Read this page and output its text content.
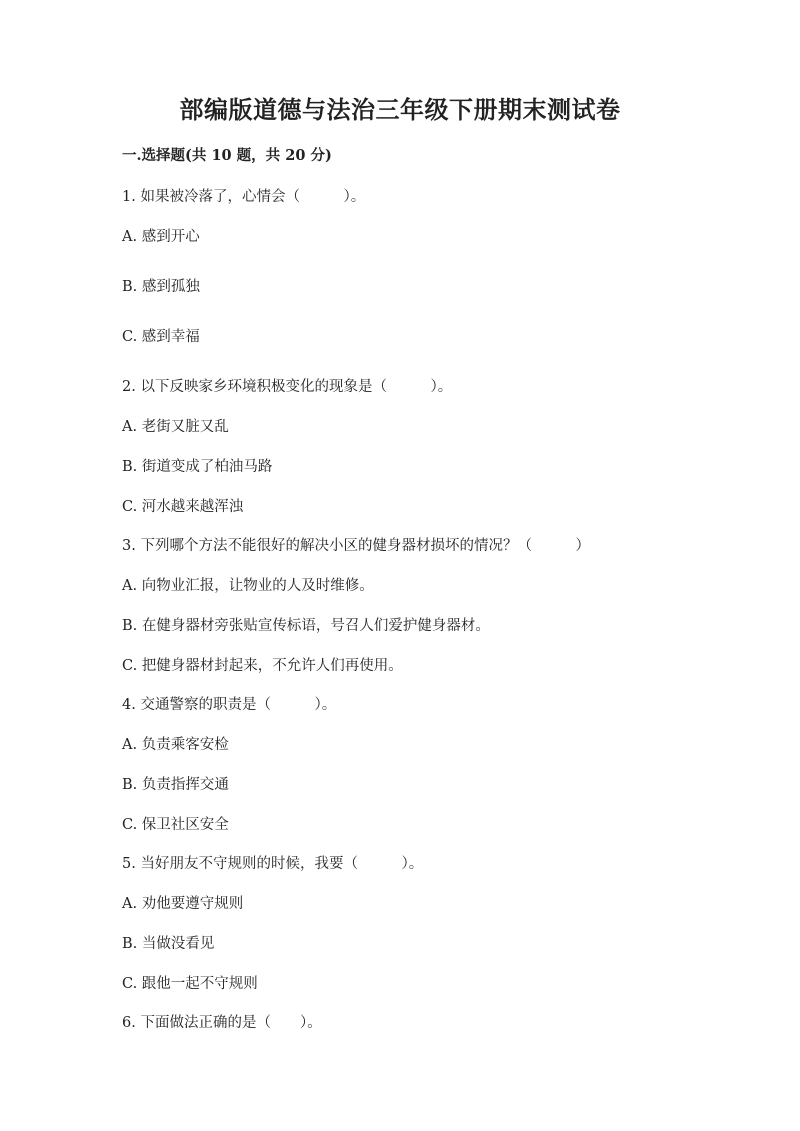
部编版道德与法治三年级下册期末测试卷
一.选择题(共 10 题，共 20 分)
1. 如果被冷落了，心情会（　　　）。
A. 感到开心
B. 感到孤独
C. 感到幸福
2. 以下反映家乡环境积极变化的现象是（　　　）。
A. 老街又脏又乱
B. 街道变成了柏油马路
C. 河水越来越浑浊
3. 下列哪个方法不能很好的解决小区的健身器材损坏的情况？（　　　）
A. 向物业汇报，让物业的人及时维修。
B. 在健身器材旁张贴宣传标语，号召人们爱护健身器材。
C. 把健身器材封起来，不允许人们再使用。
4. 交通警察的职责是（　　　）。
A. 负责乘客安检
B. 负责指挥交通
C. 保卫社区安全
5. 当好朋友不守规则的时候，我要（　　　）。
A. 劝他要遵守规则
B. 当做没看见
C. 跟他一起不守规则
6. 下面做法正确的是（　　）。
